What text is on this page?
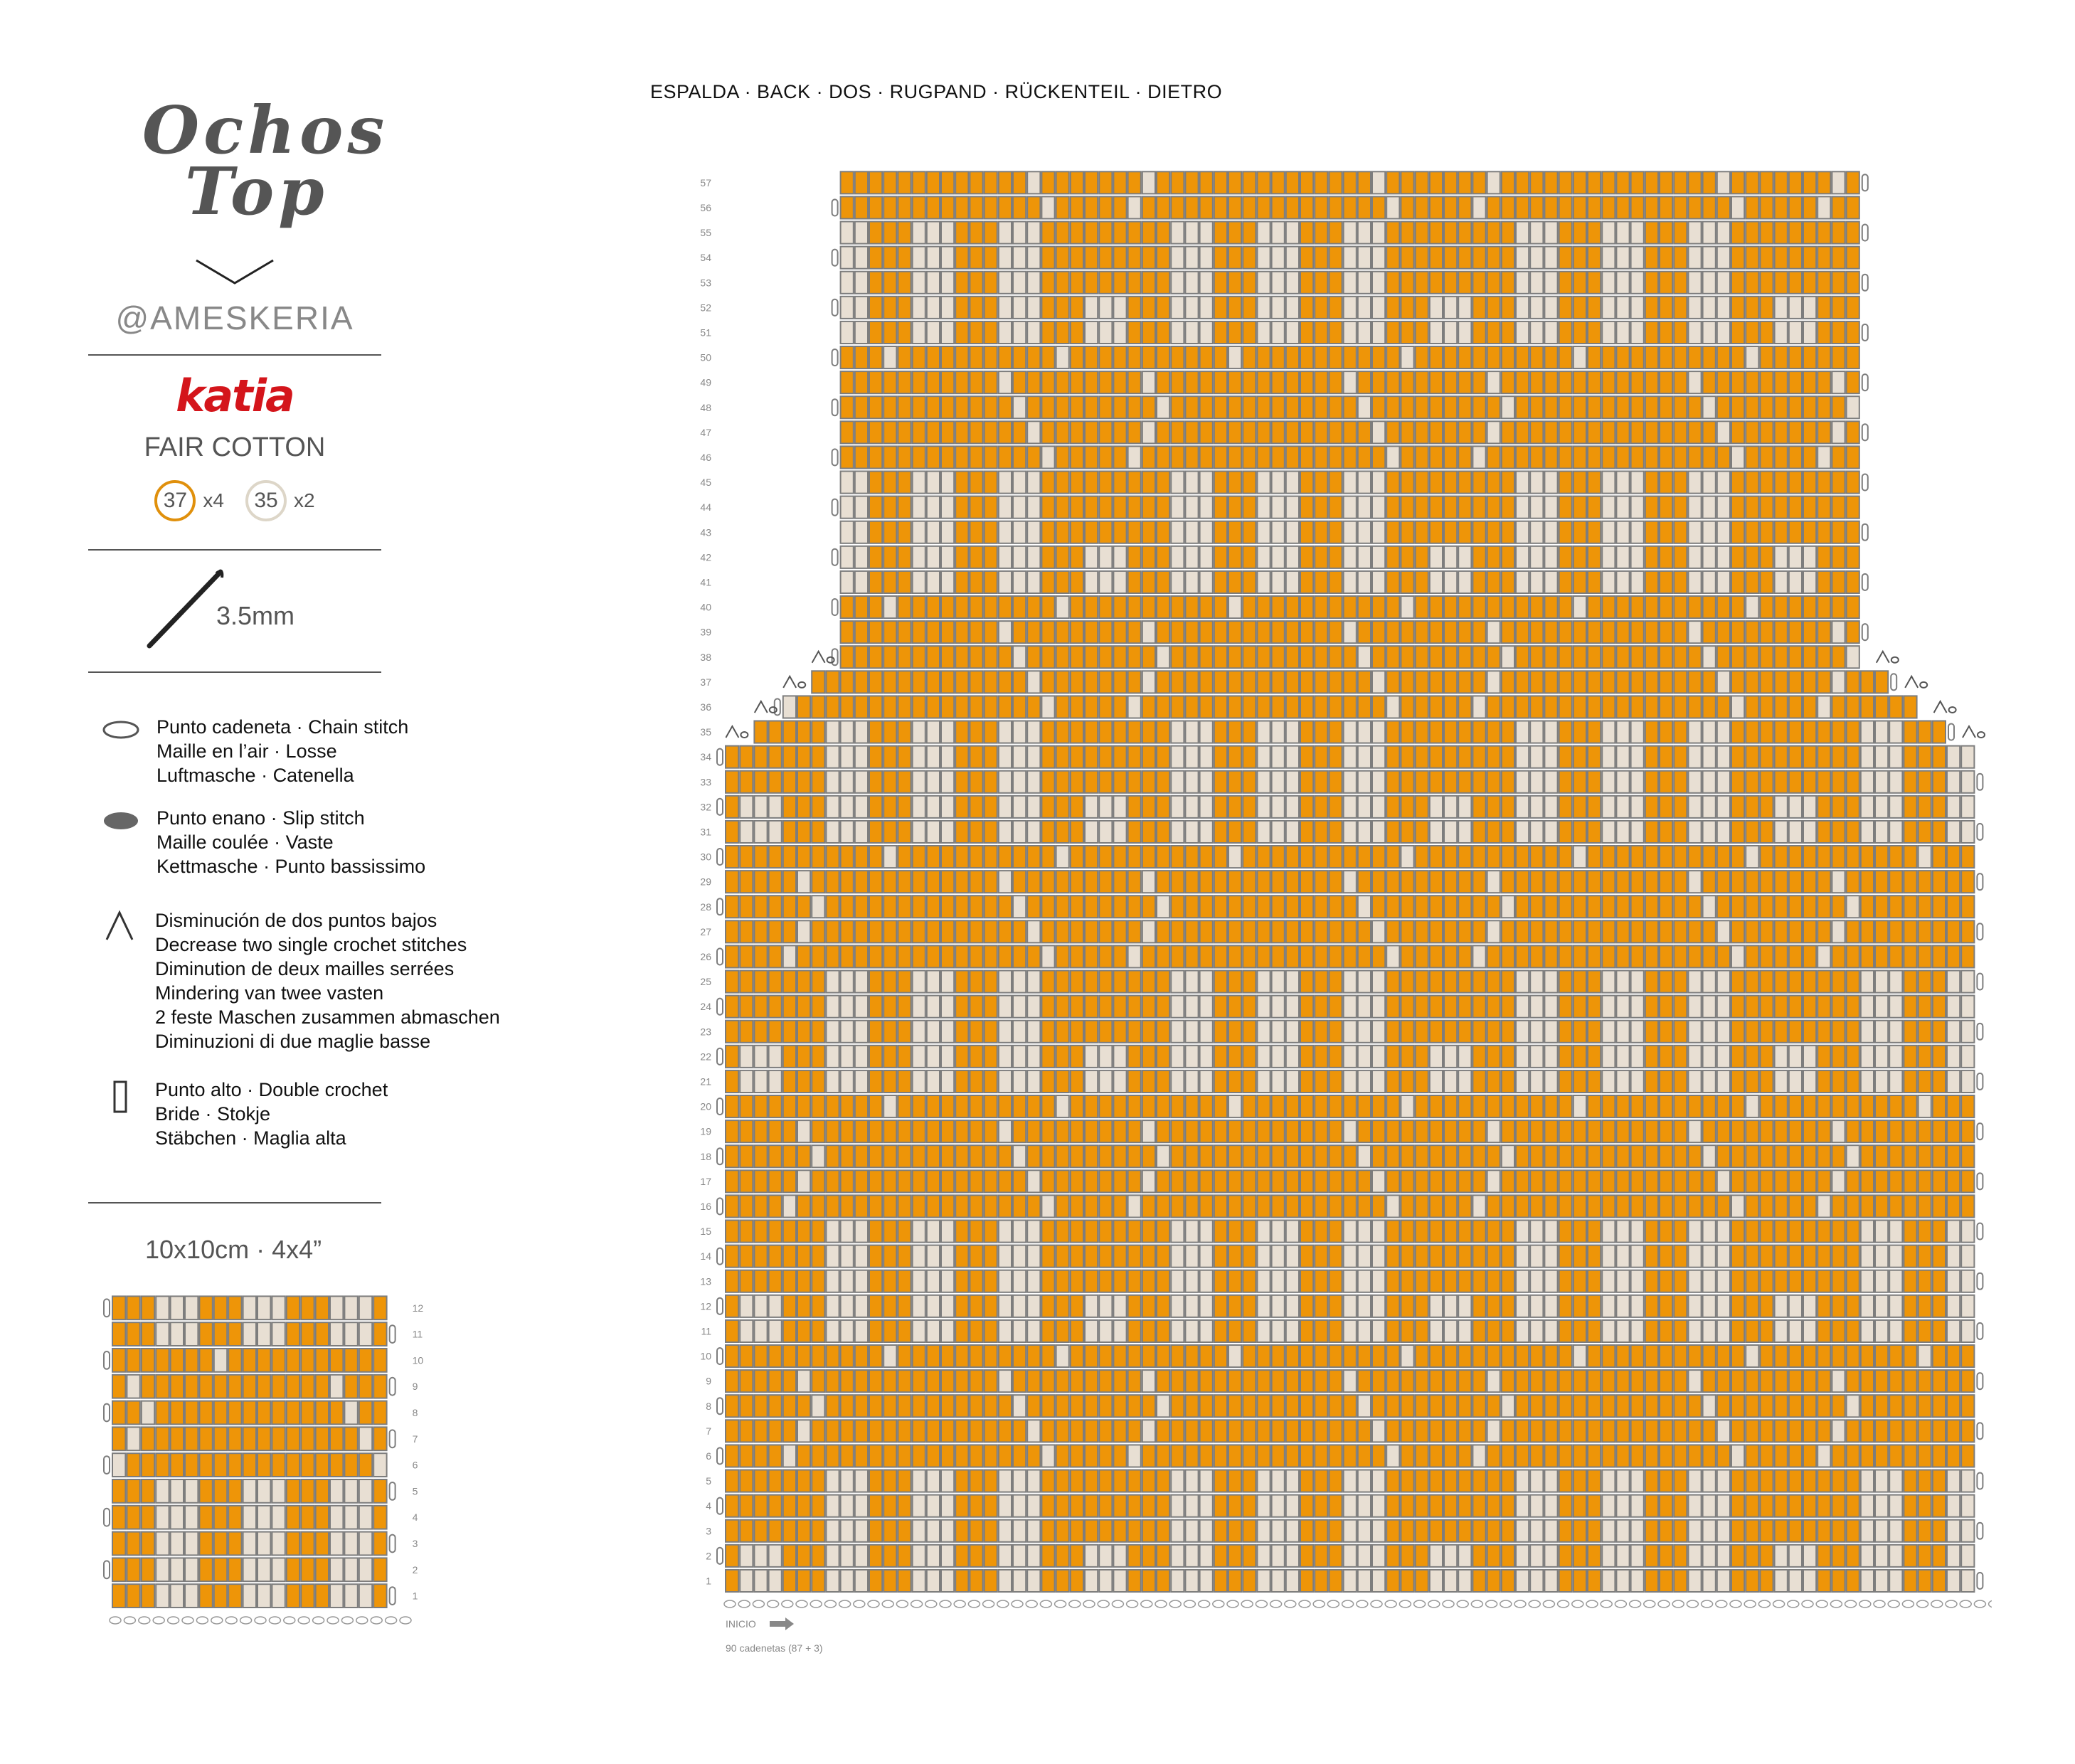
ESPALDA · BACK · DOS · RUGPAND · RÜCKENTEIL · DIETRO
Ochos
Top
@AMESKERIA
katia
FAIR COTTON
37 x4	35 x2
3.5mm
Punto cadeneta · Chain stitch
Maille en l’air · Losse
Luftmasche · Catenella
Punto enano · Slip stitch
Maille coulée · Vaste
Kettmasche · Punto bassissimo
Disminución de dos puntos bajos
Decrease two single crochet stitches
Diminution de deux mailles serrées
Mindering van twee vasten
2 feste Maschen zusammen abmaschen
Diminuzioni di due maglie basse
Punto alto · Double crochet
Bride · Stokje
Stäbchen · Maglia alta
10x10cm · 4x4”
1
2
3
4
5
6
7
8
9
10
11
12
1
2
3
4
5
6
7
8
9
10
11
12
13
14
15
16
17
18
19
20
21
22
23
24
25
26
27
28
29
30
31
32
33
34
35
36
37
38
39
40
41
42
43
44
45
46
47
48
49
50
51
52
53
54
55
56
57
INICIO
90 cadenetas (87 + 3)
